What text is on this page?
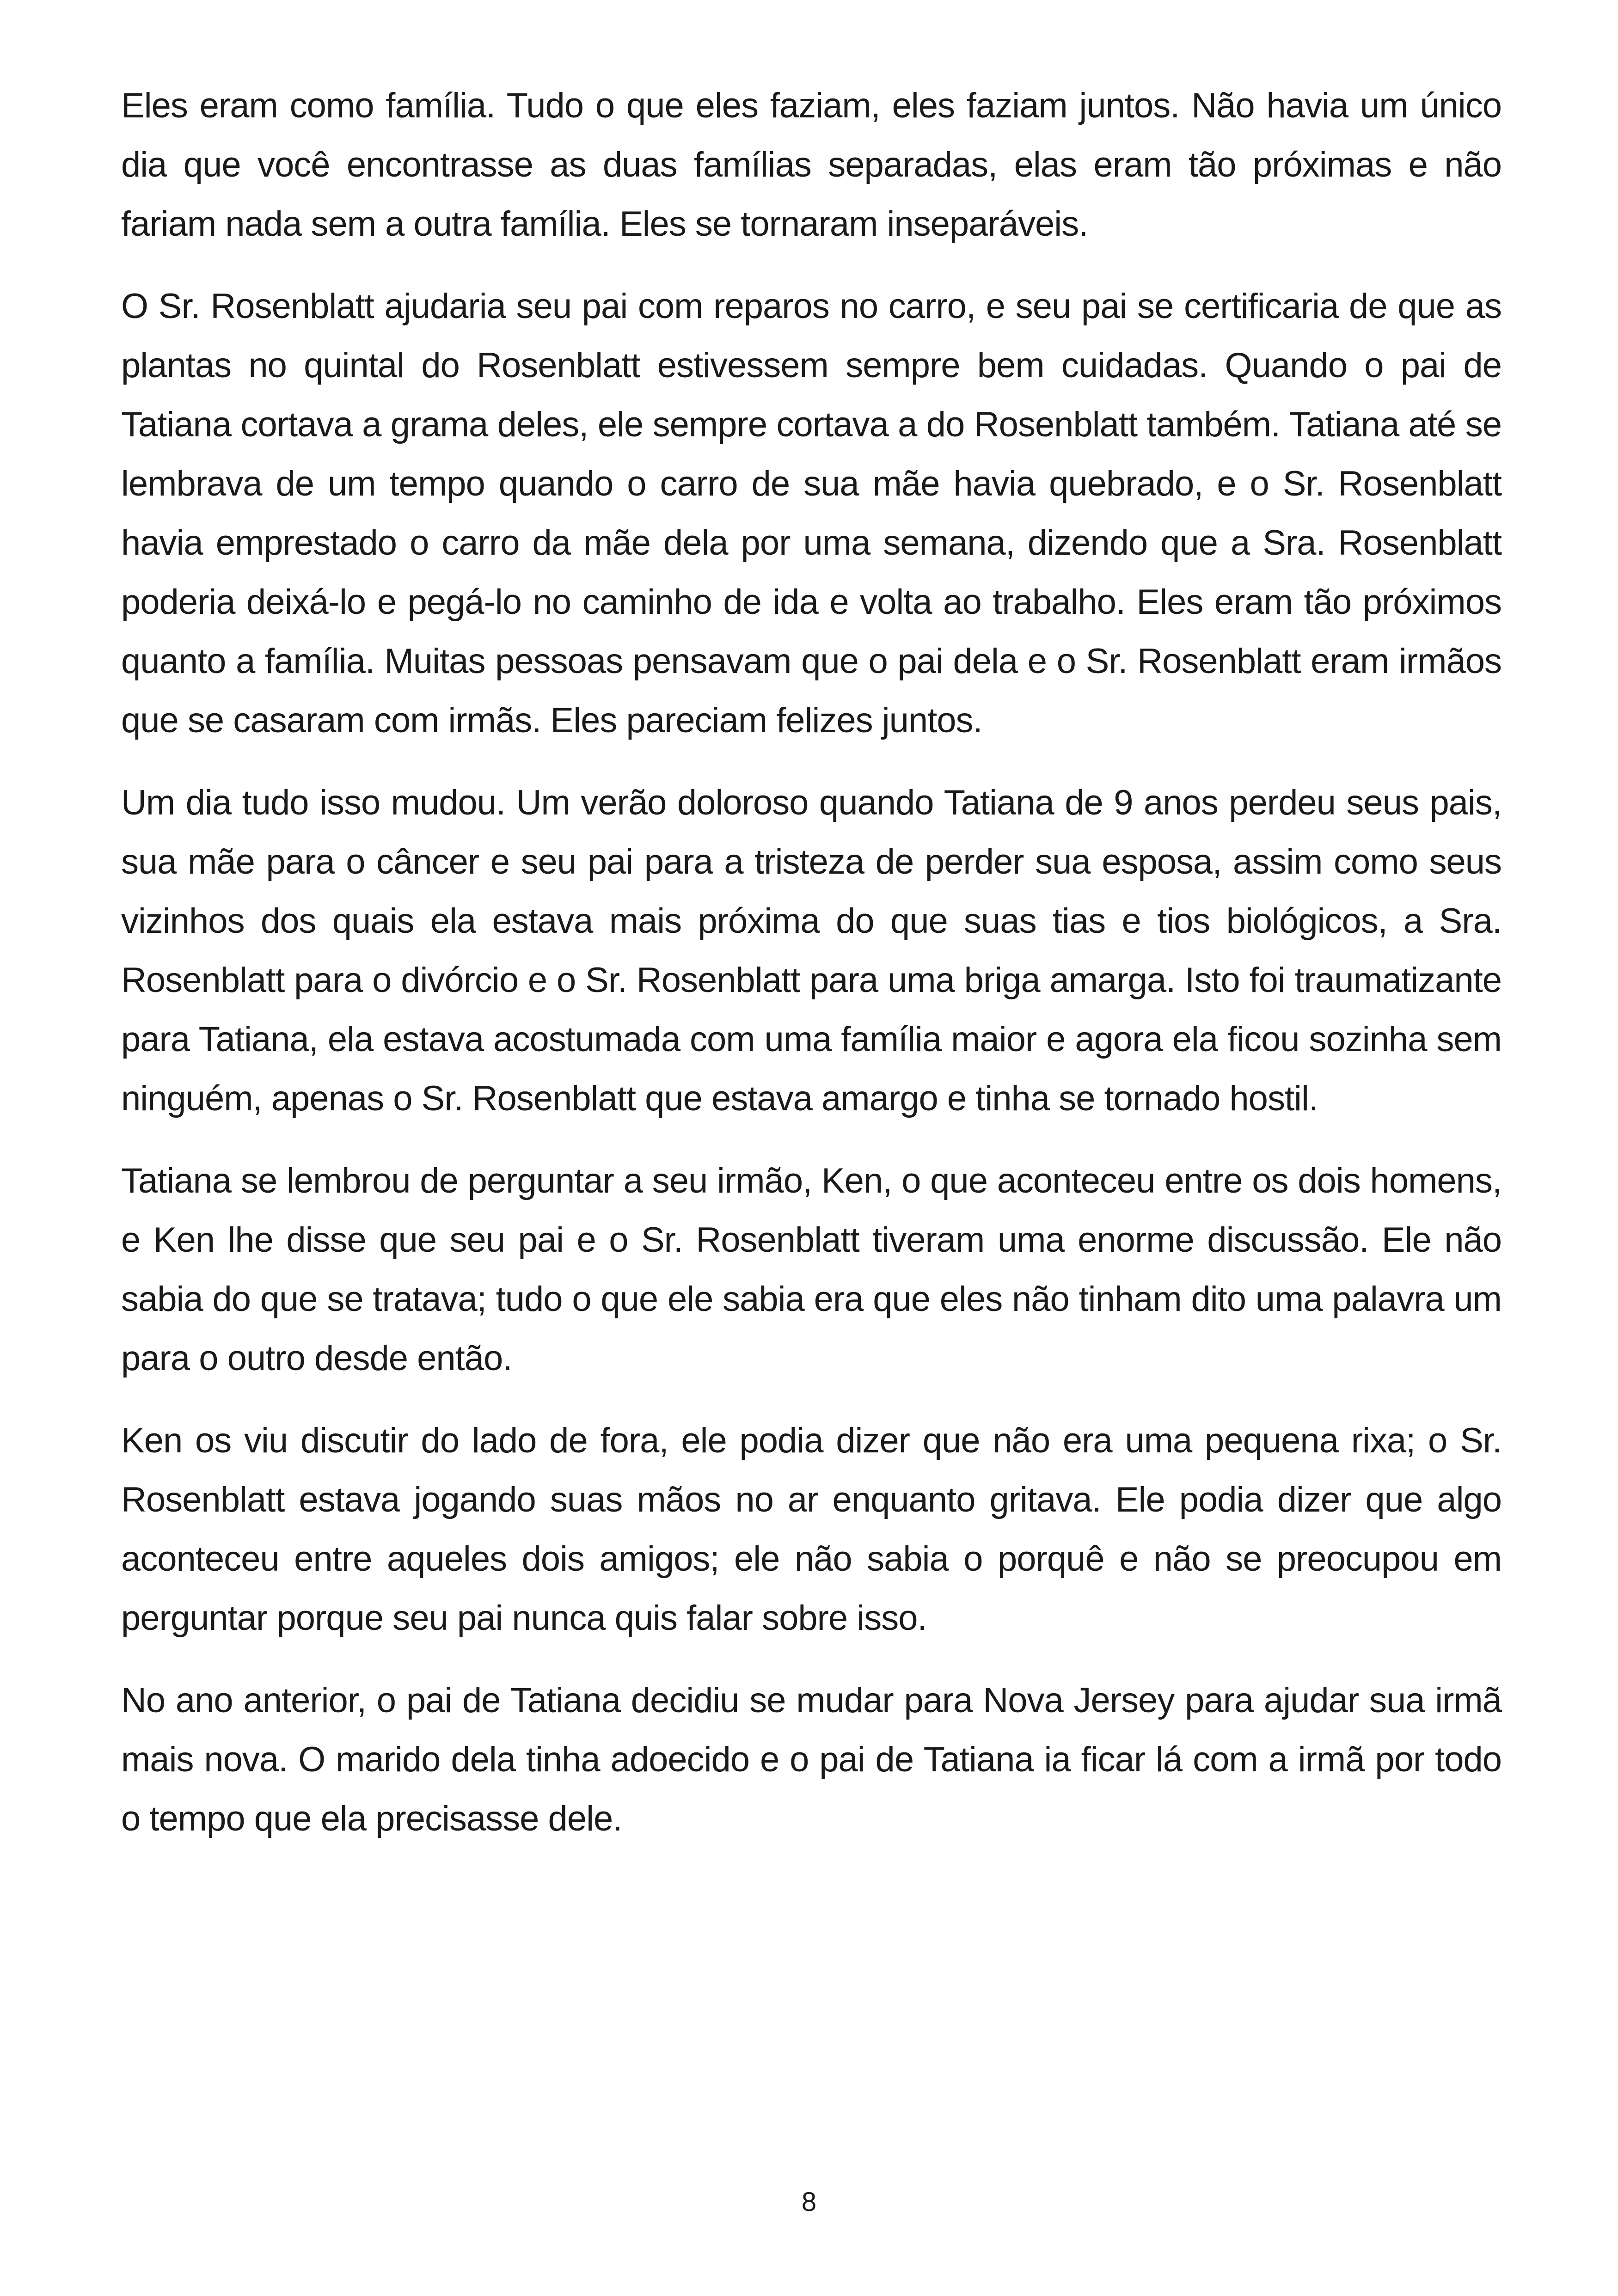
Eles eram como família. Tudo o que eles faziam, eles faziam juntos. Não havia um único dia que você encontrasse as duas famílias separadas, elas eram tão próximas e não fariam nada sem a outra família. Eles se tornaram inseparáveis.

O Sr. Rosenblatt ajudaria seu pai com reparos no carro, e seu pai se certificaria de que as plantas no quintal do Rosenblatt estivessem sempre bem cuidadas. Quando o pai de Tatiana cortava a grama deles, ele sempre cortava a do Rosenblatt também. Tatiana até se lembrava de um tempo quando o carro de sua mãe havia quebrado, e o Sr. Rosenblatt havia emprestado o carro da mãe dela por uma semana, dizendo que a Sra. Rosenblatt poderia deixá-lo e pegá-lo no caminho de ida e volta ao trabalho. Eles eram tão próximos quanto a família. Muitas pessoas pensavam que o pai dela e o Sr. Rosenblatt eram irmãos que se casaram com irmãs. Eles pareciam felizes juntos.

Um dia tudo isso mudou. Um verão doloroso quando Tatiana de 9 anos perdeu seus pais, sua mãe para o câncer e seu pai para a tristeza de perder sua esposa, assim como seus vizinhos dos quais ela estava mais próxima do que suas tias e tios biológicos, a Sra. Rosenblatt para o divórcio e o Sr. Rosenblatt para uma briga amarga. Isto foi traumatizante para Tatiana, ela estava acostumada com uma família maior e agora ela ficou sozinha sem ninguém, apenas o Sr. Rosenblatt que estava amargo e tinha se tornado hostil.

Tatiana se lembrou de perguntar a seu irmão, Ken, o que aconteceu entre os dois homens, e Ken lhe disse que seu pai e o Sr. Rosenblatt tiveram uma enorme discussão. Ele não sabia do que se tratava; tudo o que ele sabia era que eles não tinham dito uma palavra um para o outro desde então.

Ken os viu discutir do lado de fora, ele podia dizer que não era uma pequena rixa; o Sr. Rosenblatt estava jogando suas mãos no ar enquanto gritava. Ele podia dizer que algo aconteceu entre aqueles dois amigos; ele não sabia o porquê e não se preocupou em perguntar porque seu pai nunca quis falar sobre isso.

No ano anterior, o pai de Tatiana decidiu se mudar para Nova Jersey para ajudar sua irmã mais nova. O marido dela tinha adoecido e o pai de Tatiana ia ficar lá com a irmã por todo o tempo que ela precisasse dele.

8
